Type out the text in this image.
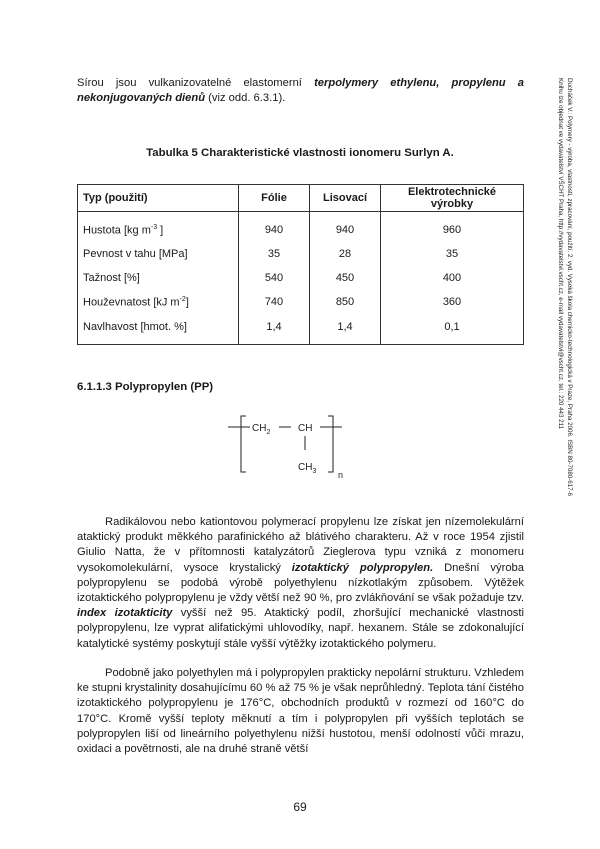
Sírou jsou vulkanizovatelné elastomerní terpolymery ethylenu, propylenu a nekonjugovaných dienů (viz odd. 6.3.1).
Tabulka 5 Charakteristické vlastnosti ionomeru Surlyn A.
Typ (použití)	Fólie	Lisovací	Elektrotechnické výrobky
Hustota [kg $m^{-3}$ ]	940	940	960
Pevnost v tahu [MPa]	35	28	35
Tažnost [%]	540	450	400
Houževnatost [kJ $m^{-2}$]	740	850	360
Navlhavost [hmot. %]	1,4	1,4	0,1
6.1.1.3 Polypropylen (PP)
$CH_2$	CH
$CH_3$ n
Radikálovou nebo kationtovou polymerací propylenu lze získat jen nízemolekulární ataktický produkt měkkého parafinického až blátivého charakteru. Až v roce 1954 zjistil Giulio Natta, že v přítomnosti katalyzátorů Zieglerova typu vzniká z monomeru vysokomolekulární, vysoce krystalický izotaktický polypropylen. Dnešní výroba polypropylenu se podobá výrobě polyethylenu nízkotlakým způsobem. Výtěžek izotaktického polypropylenu je vždy větší než 90 %, pro zvlákňování se však požaduje tzv. index izotakticity vyšší než 95. Ataktický podíl, zhoršující mechanické vlastnosti polypropylenu, lze vyprat alifatickými uhlovodíky, např. hexanem. Stále se zdokonalující katalytické systémy poskytují stále vyšší výtěžky izotaktického polymeru.
Podobně jako polyethylen má i polypropylen prakticky nepolární strukturu. Vzhledem ke stupni krystalinity dosahujícímu 60 % až 75 % je však neprůhledný. Teplota tání čistého izotaktického polypropylenu je 176°C, obchodních produktů v rozmezí od 160°C do 170°C. Kromě vyšší teploty měknutí a tím i polypropylen při vyšších teplotách se polypropylen liší od lineárního polyethylenu nižší hustotou, menší odolností vůči mrazu, oxidaci a povětrnosti, ale na druhé straně větší
Ducháček V.: Polymery - výroba, vlastnosti, zpracování, použití. 2. vyd. Vysoká škola chemicko-technologická v Praze, Praha 2006. ISBN 80-7080-617-6
Knihu lze objednat ve vydavatelství VŠCHT Praha, http://vydavatelstvi.vscht.cz, e-mail vydavatelstvi@vscht.cz, tel.: 220 443 211
69
